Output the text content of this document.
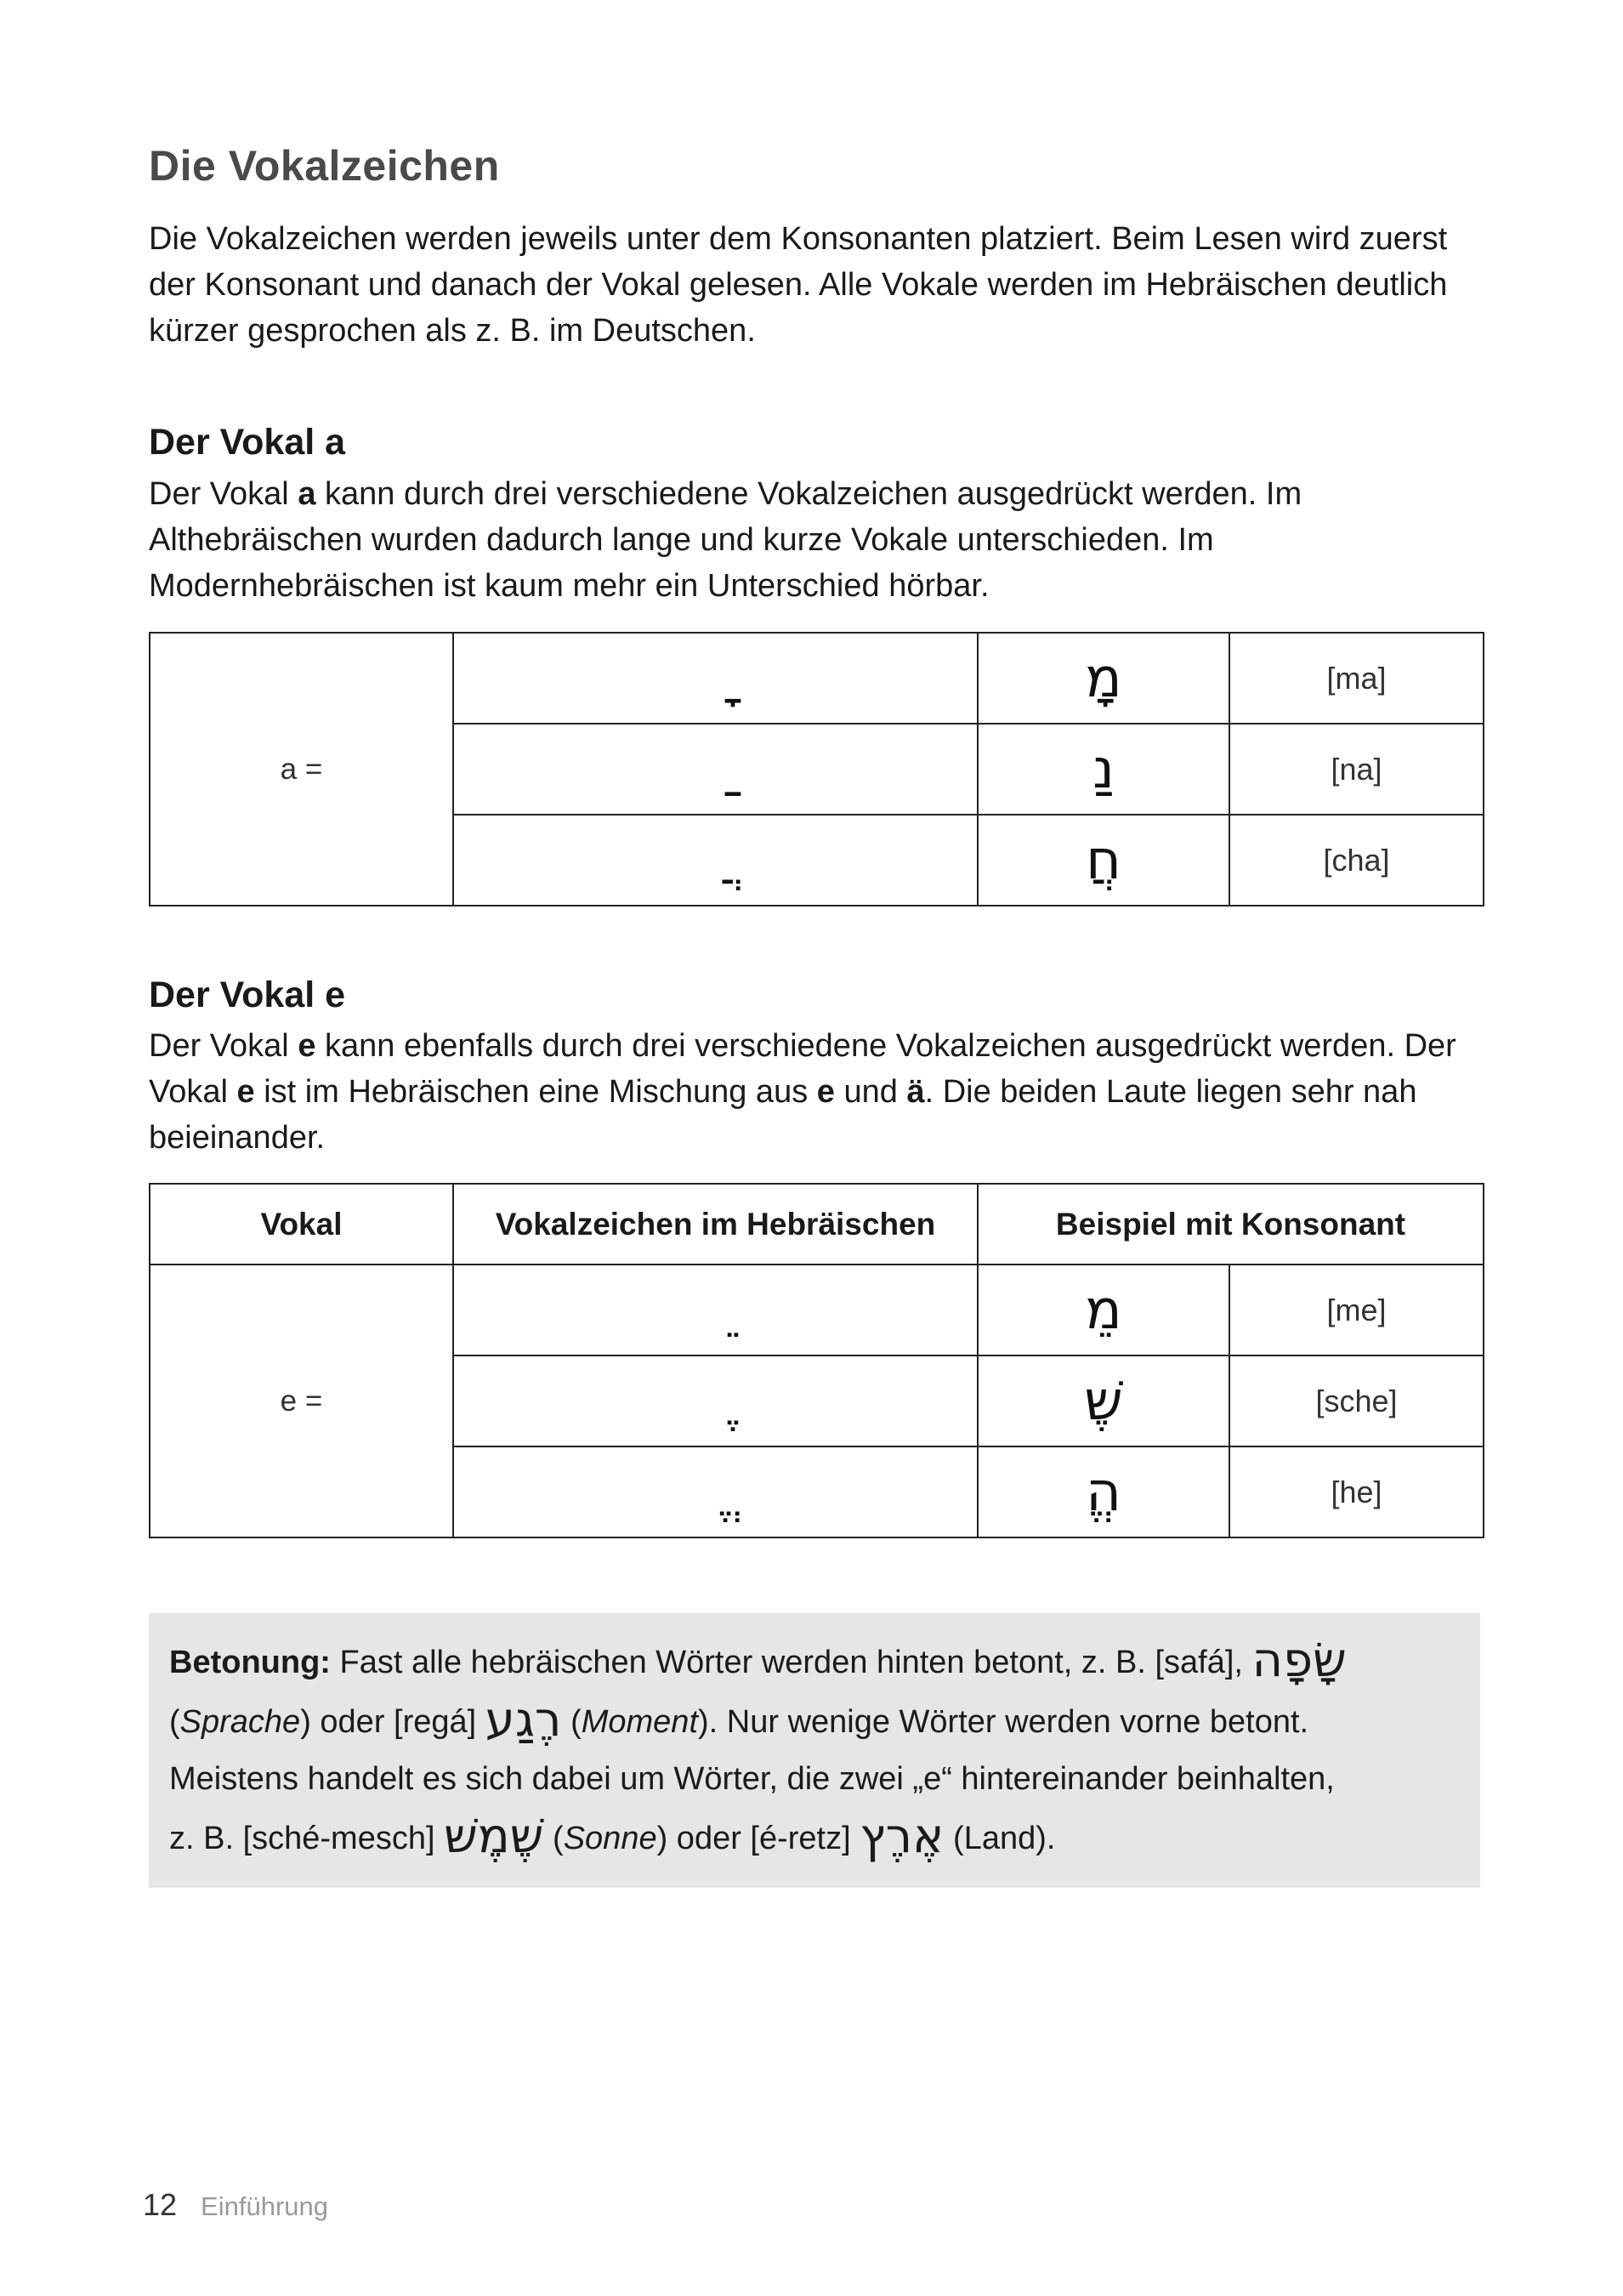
Die Vokalzeichen

Die Vokalzeichen werden jeweils unter dem Konsonanten platziert. Beim Lesen wird zuerst der Konsonant und danach der Vokal gelesen. Alle Vokale werden im Hebräischen deutlich kürzer gesprochen als z. B. im Deutschen.

Der Vokal a

Der Vokal a kann durch drei verschiedene Vokalzeichen ausgedrückt werden. Im Althebräischen wurden dadurch lange und kurze Vokale unterschieden. Im Modernhebräischen ist kaum mehr ein Unterschied hörbar.

a =		מָ	[ma]
	נַ	[na]
	חֲ	[cha]
Der Vokal e

Der Vokal e kann ebenfalls durch drei verschiedene Vokalzeichen ausgedrückt werden. Der Vokal e ist im Hebräischen eine Mischung aus e und ä. Die beiden Laute liegen sehr nah beieinander.

Vokal	Vokalzeichen im Hebräischen	Beispiel mit Konsonant	
e =		מֵ	[me]
	שֶׁ	[sche]
	הֱ	[he]
Betonung: Fast alle hebräischen Wörter werden hinten betont, z. B. [safá], שָׂפָה
(Sprache) oder [regá] רֶגַע (Moment). Nur wenige Wörter werden vorne betont.
Meistens handelt es sich dabei um Wörter, die zwei „e“ hintereinander beinhalten,
z. B. [sché-mesch] שֶׁמֶשׁ (Sonne) oder [é-retz] אֶרֶץ (Land).
12 Einführung
